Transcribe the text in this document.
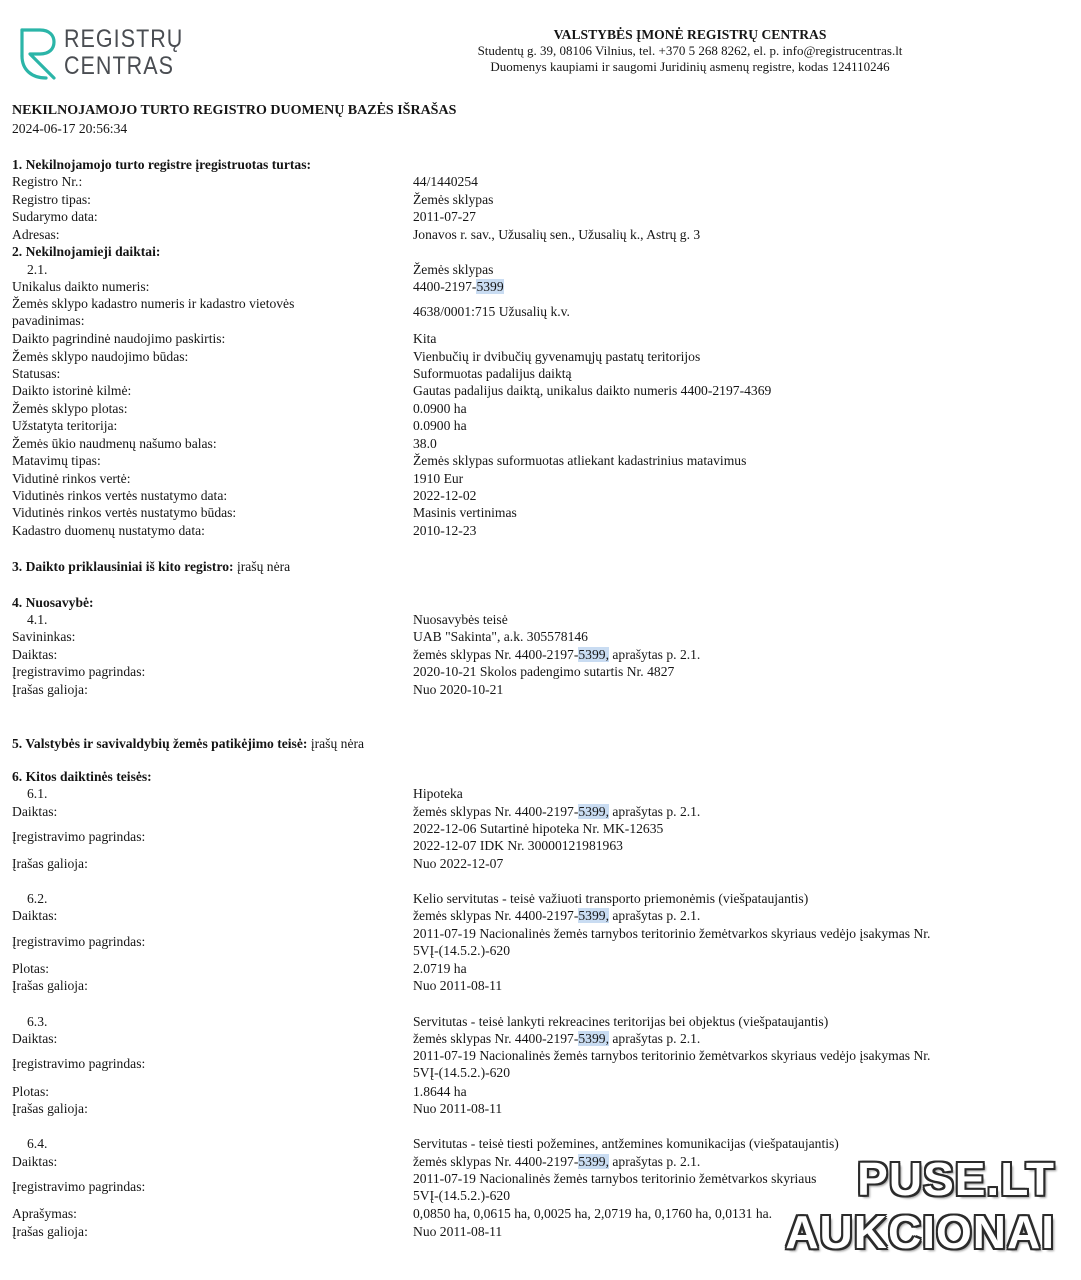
REGISTRŲ
CENTRAS
VALSTYBĖS ĮMONĖ REGISTRŲ CENTRAS
Studentų g. 39, 08106 Vilnius, tel. +370 5 268 8262, el. p. info@registrucentras.lt
Duomenys kaupiami ir saugomi Juridinių asmenų registre, kodas 124110246
NEKILNOJAMOJO TURTO REGISTRO DUOMENŲ BAZĖS IŠRAŠAS
2024-06-17 20:56:34
1. Nekilnojamojo turto registre įregistruotas turtas:
Registro Nr.:	44/1440254
Registro tipas:	Žemės sklypas
Sudarymo data:	2011-07-27
Adresas:	Jonavos r. sav., Užusalių sen., Užusalių k., Astrų g. 3
2. Nekilnojamieji daiktai:
2.1.	Žemės sklypas
Unikalus daikto numeris:	4400-2197-5399
Žemės sklypo kadastro numeris ir kadastro vietovės
pavadinimas:
4638/0001:715 Užusalių k.v.
Daikto pagrindinė naudojimo paskirtis:	Kita
Žemės sklypo naudojimo būdas:	Vienbučių ir dvibučių gyvenamųjų pastatų teritorijos
Statusas:	Suformuotas padalijus daiktą
Daikto istorinė kilmė:	Gautas padalijus daiktą, unikalus daikto numeris 4400-2197-4369
Žemės sklypo plotas:	0.0900 ha
Užstatyta teritorija:	0.0900 ha
Žemės ūkio naudmenų našumo balas:	38.0
Matavimų tipas:	Žemės sklypas suformuotas atliekant kadastrinius matavimus
Vidutinė rinkos vertė:	1910 Eur
Vidutinės rinkos vertės nustatymo data:	2022-12-02
Vidutinės rinkos vertės nustatymo būdas:	Masinis vertinimas
Kadastro duomenų nustatymo data:	2010-12-23
3. Daikto priklausiniai iš kito registro: įrašų nėra
4. Nuosavybė:
4.1.	Nuosavybės teisė
Savininkas:	UAB "Sakinta", a.k. 305578146
Daiktas:	žemės sklypas Nr. 4400-2197-5399, aprašytas p. 2.1.
Įregistravimo pagrindas:	2020-10-21 Skolos padengimo sutartis Nr. 4827
Įrašas galioja:	Nuo 2020-10-21
5. Valstybės ir savivaldybių žemės patikėjimo teisė: įrašų nėra
6. Kitos daiktinės teisės:
6.1.	Hipoteka
Daiktas:	žemės sklypas Nr. 4400-2197-5399, aprašytas p. 2.1.
Įregistravimo pagrindas:
2022-12-06 Sutartinė hipoteka Nr. MK-12635
2022-12-07 IDK Nr. 30000121981963
Įrašas galioja:	Nuo 2022-12-07
6.2.	Kelio servitutas - teisė važiuoti transporto priemonėmis (viešpataujantis)
Daiktas:	žemės sklypas Nr. 4400-2197-5399, aprašytas p. 2.1.
Įregistravimo pagrindas:
2011-07-19 Nacionalinės žemės tarnybos teritorinio žemėtvarkos skyriaus vedėjo įsakymas Nr.
5VĮ-(14.5.2.)-620
Plotas:	2.0719 ha
Įrašas galioja:	Nuo 2011-08-11
6.3.	Servitutas - teisė lankyti rekreacines teritorijas bei objektus (viešpataujantis)
Daiktas:	žemės sklypas Nr. 4400-2197-5399, aprašytas p. 2.1.
Įregistravimo pagrindas:
2011-07-19 Nacionalinės žemės tarnybos teritorinio žemėtvarkos skyriaus vedėjo įsakymas Nr.
5VĮ-(14.5.2.)-620
Plotas:	1.8644 ha
Įrašas galioja:	Nuo 2011-08-11
6.4.	Servitutas - teisė tiesti požemines, antžemines komunikacijas (viešpataujantis)
Daiktas:	žemės sklypas Nr. 4400-2197-5399, aprašytas p. 2.1.
Įregistravimo pagrindas:
2011-07-19 Nacionalinės žemės tarnybos teritorinio žemėtvarkos skyriaus
5VĮ-(14.5.2.)-620
Aprašymas:	0,0850 ha, 0,0615 ha, 0,0025 ha, 2,0719 ha, 0,1760 ha, 0,0131 ha.
Įrašas galioja:	Nuo 2011-08-11
PUSE.LT
AUKCIONAI
